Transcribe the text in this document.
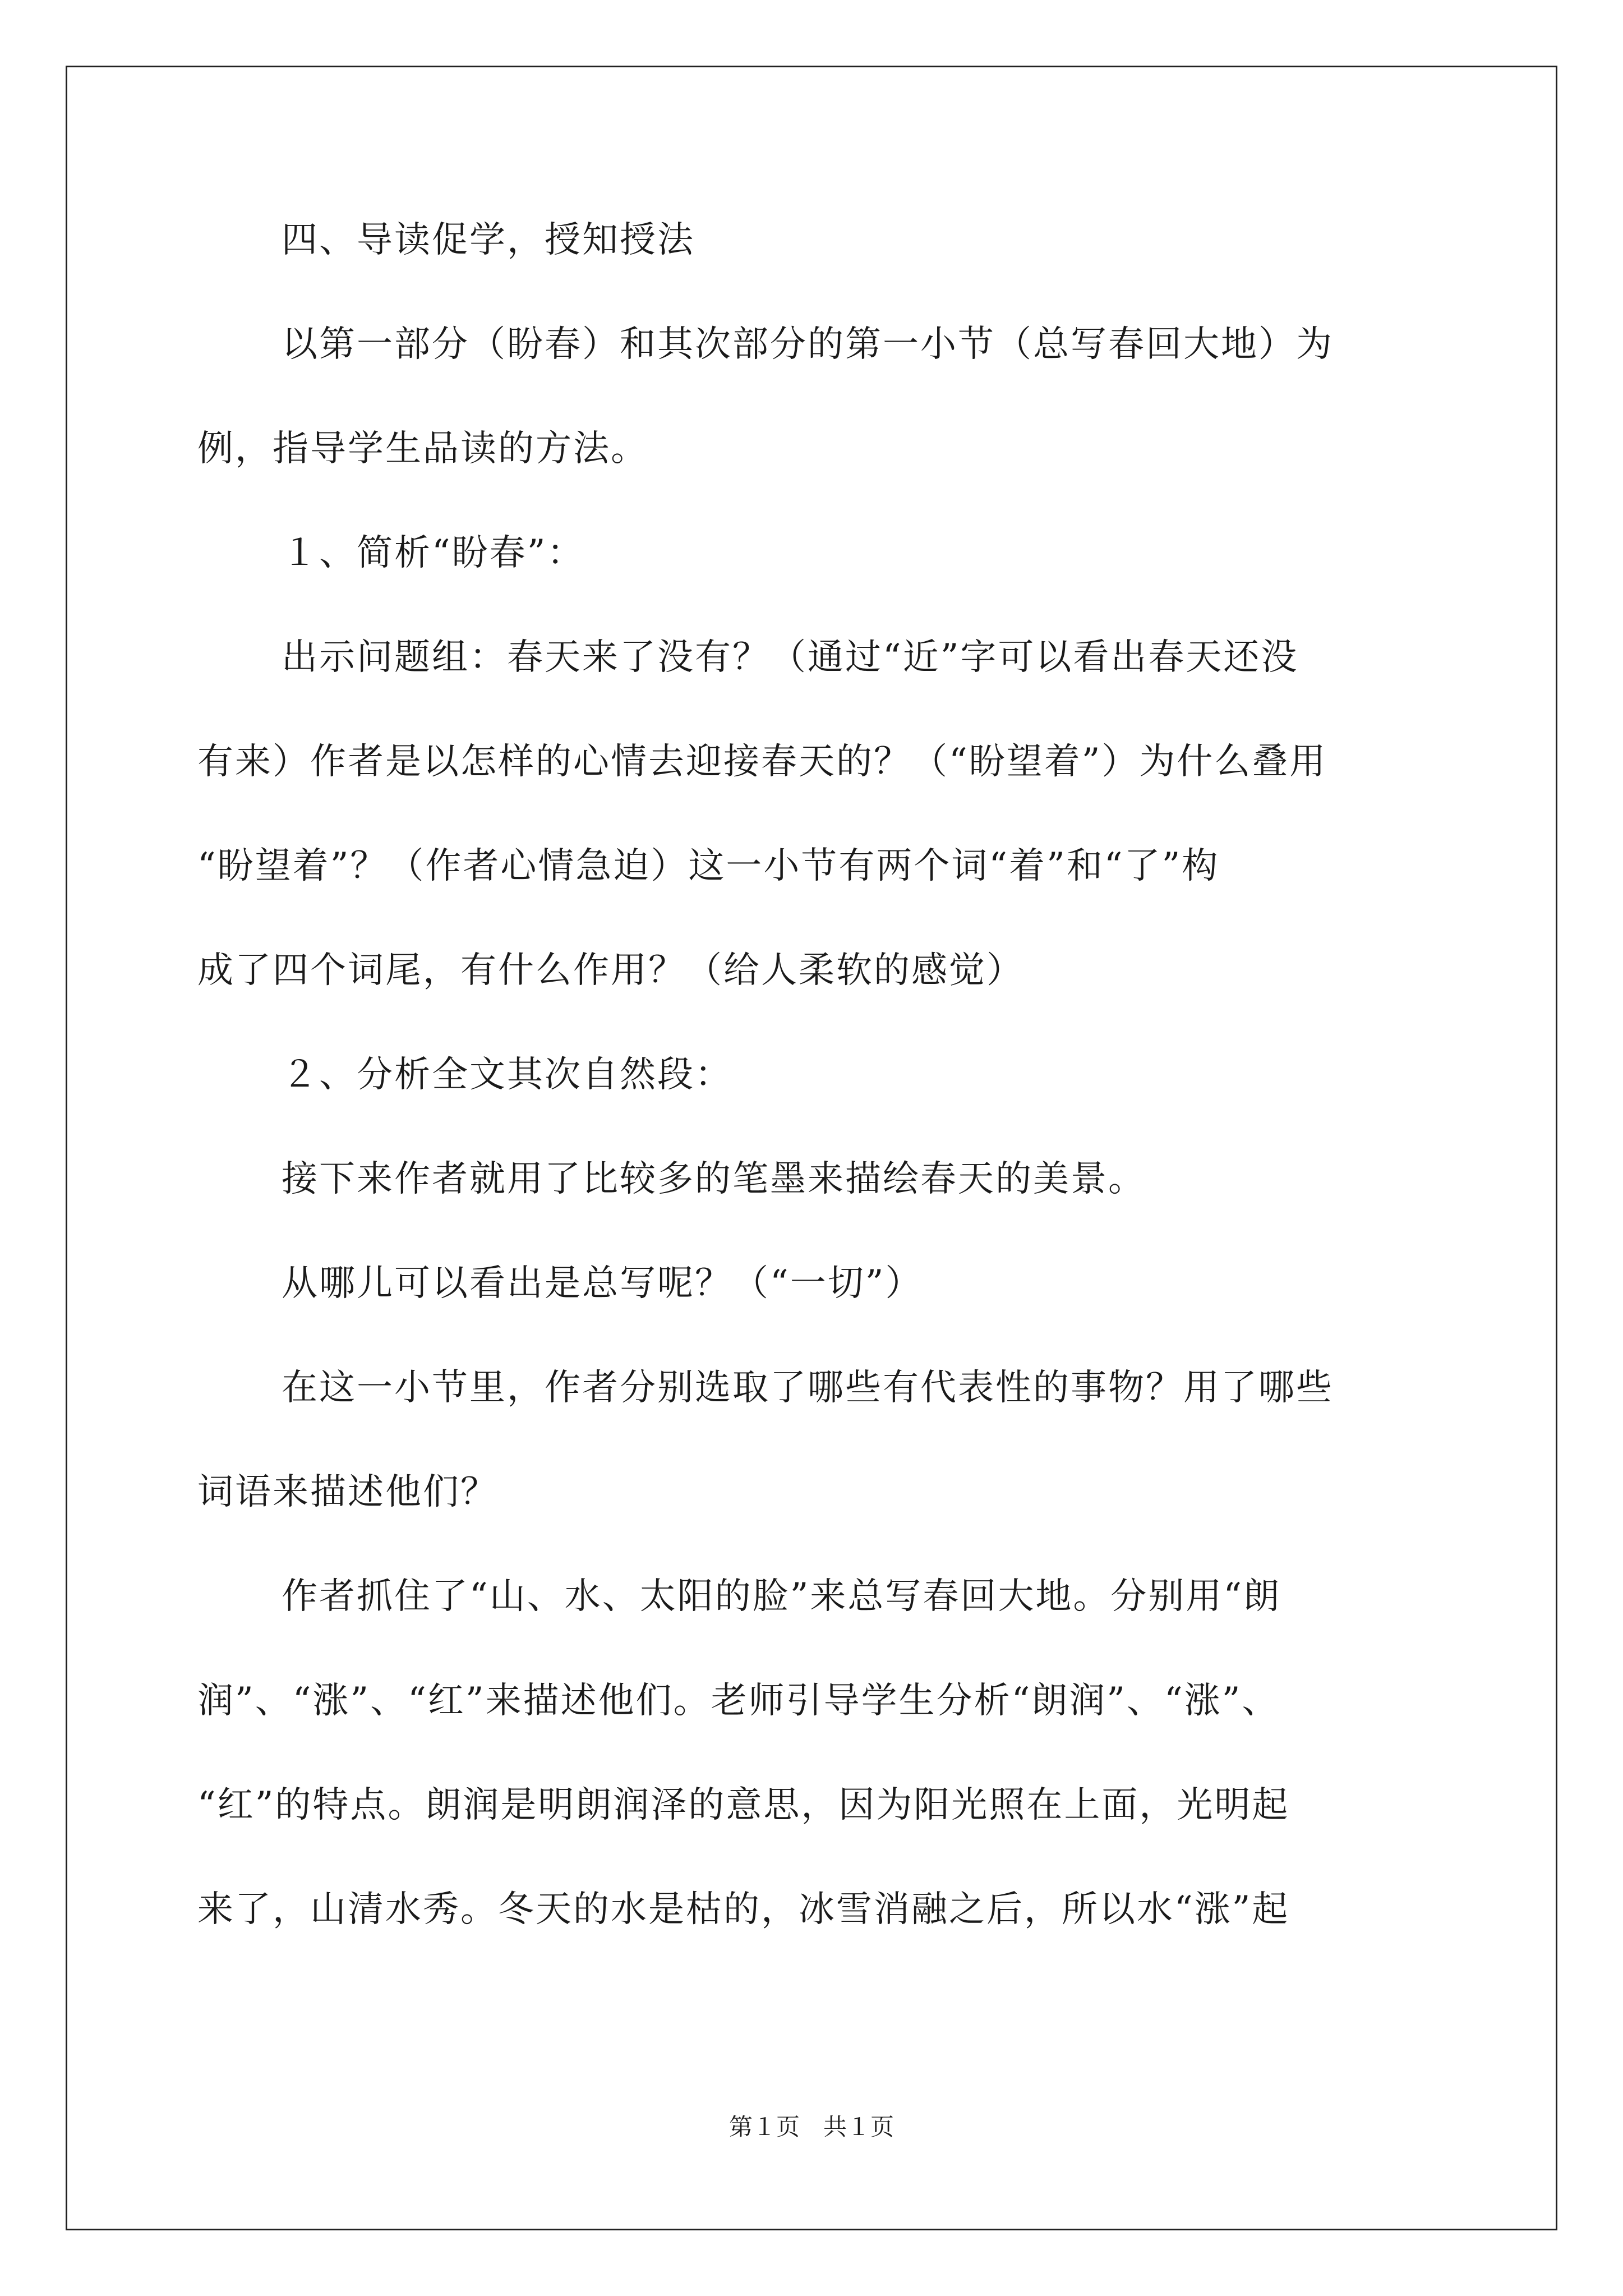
四、导读促学，授知授法
以第一部分（盼春）和其次部分的第一小节（总写春回大地）为
例，指导学生品读的方法。
１、简析“盼春”：
出示问题组：春天来了没有？（通过“近”字可以看出春天还没
有来）作者是以怎样的心情去迎接春天的？（“盼望着”）为什么叠用
“盼望着”？（作者心情急迫）这一小节有两个词“着”和“了”构
成了四个词尾，有什么作用？（给人柔软的感觉）
２、分析全文其次自然段：
接下来作者就用了比较多的笔墨来描绘春天的美景。
从哪儿可以看出是总写呢？（“一切”）
在这一小节里，作者分别选取了哪些有代表性的事物？用了哪些
词语来描述他们？
作者抓住了“山、水、太阳的脸”来总写春回大地。分别用“朗
润”、“涨”、“红”来描述他们。老师引导学生分析“朗润”、“涨”、
“红”的特点。朗润是明朗润泽的意思，因为阳光照在上面，光明起
来了，山清水秀。冬天的水是枯的，冰雪消融之后，所以水“涨”起
第１页　共１页
